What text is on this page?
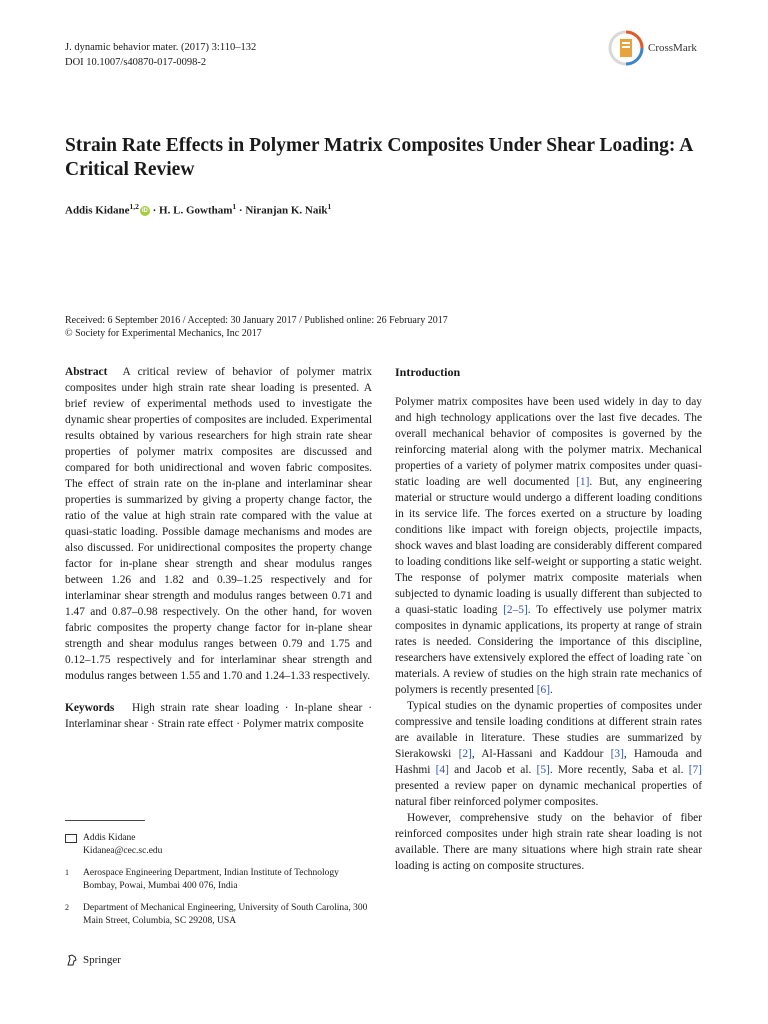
J. dynamic behavior mater. (2017) 3:110–132
DOI 10.1007/s40870-017-0098-2
CrossMark
Strain Rate Effects in Polymer Matrix Composites Under Shear Loading: A Critical Review
Addis Kidane$^{1,2}$iD · H. L. Gowtham$^1$ · Niranjan K. Naik$^1$
Received: 6 September 2016 / Accepted: 30 January 2017 / Published online: 26 February 2017
© Society for Experimental Mechanics, Inc 2017

Abstract A critical review of behavior of polymer matrix composites under high strain rate shear loading is presented. A brief review of experimental methods used to investigate the dynamic shear properties of composites are included. Experimental results obtained by various researchers for high strain rate shear properties of polymer matrix composites are discussed and compared for both unidirectional and woven fabric composites. The effect of strain rate on the in-plane and interlaminar shear properties is summarized by giving a property change factor, the ratio of the value at high strain rate compared with the value at quasi-static loading. Possible damage mechanisms and modes are also discussed. For unidirectional composites the property change factor for in-plane shear strength and shear modulus ranges between 1.26 and 1.82 and 0.39–1.25 respectively and for interlaminar shear strength and modulus ranges between 0.71 and 1.47 and 0.87–0.98 respectively. On the other hand, for woven fabric composites the property change factor for in-plane shear strength and shear modulus ranges between 0.79 and 1.75 and 0.12–1.75 respectively and for interlaminar shear strength and modulus ranges between 1.55 and 1.70 and 1.24–1.33 respectively.

Keywords High strain rate shear loading · In-plane shear · Interlaminar shear · Strain rate effect · Polymer matrix composite

Addis Kidane
Kidanea@cec.sc.edu
1	Aerospace Engineering Department, Indian Institute of Technology Bombay, Powai, Mumbai 400 076, India
2	Department of Mechanical Engineering, University of South Carolina, 300 Main Street, Columbia, SC 29208, USA
Springer
Introduction

Polymer matrix composites have been used widely in day to day and high technology applications over the last five decades. The overall mechanical behavior of composites is governed by the reinforcing material along with the polymer matrix. Mechanical properties of a variety of polymer matrix composites under quasi-static loading are well documented [1]. But, any engineering material or structure would undergo a different loading conditions in its service life. The forces exerted on a structure by loading conditions like impact with foreign objects, projectile impacts, shock waves and blast loading are considerably different compared to loading conditions like self-weight or supporting a static weight. The response of polymer matrix composite materials when subjected to dynamic loading is usually different than subjected to a quasi-static loading [2–5]. To effectively use polymer matrix composites in dynamic applications, its property at range of strain rates is needed. Considering the importance of this discipline, researchers have extensively explored the effect of loading rate `on materials. A review of studies on the high strain rate mechanics of polymers is recently presented [6].

Typical studies on the dynamic properties of composites under compressive and tensile loading conditions at different strain rates are available in literature. These studies are summarized by Sierakowski [2], Al-Hassani and Kaddour [3], Hamouda and Hashmi [4] and Jacob et al. [5]. More recently, Saba et al. [7] presented a review paper on dynamic mechanical properties of natural fiber reinforced polymer composites.

However, comprehensive study on the behavior of fiber reinforced composites under high strain rate shear loading is not available. There are many situations where high strain rate shear loading is acting on composite structures.
